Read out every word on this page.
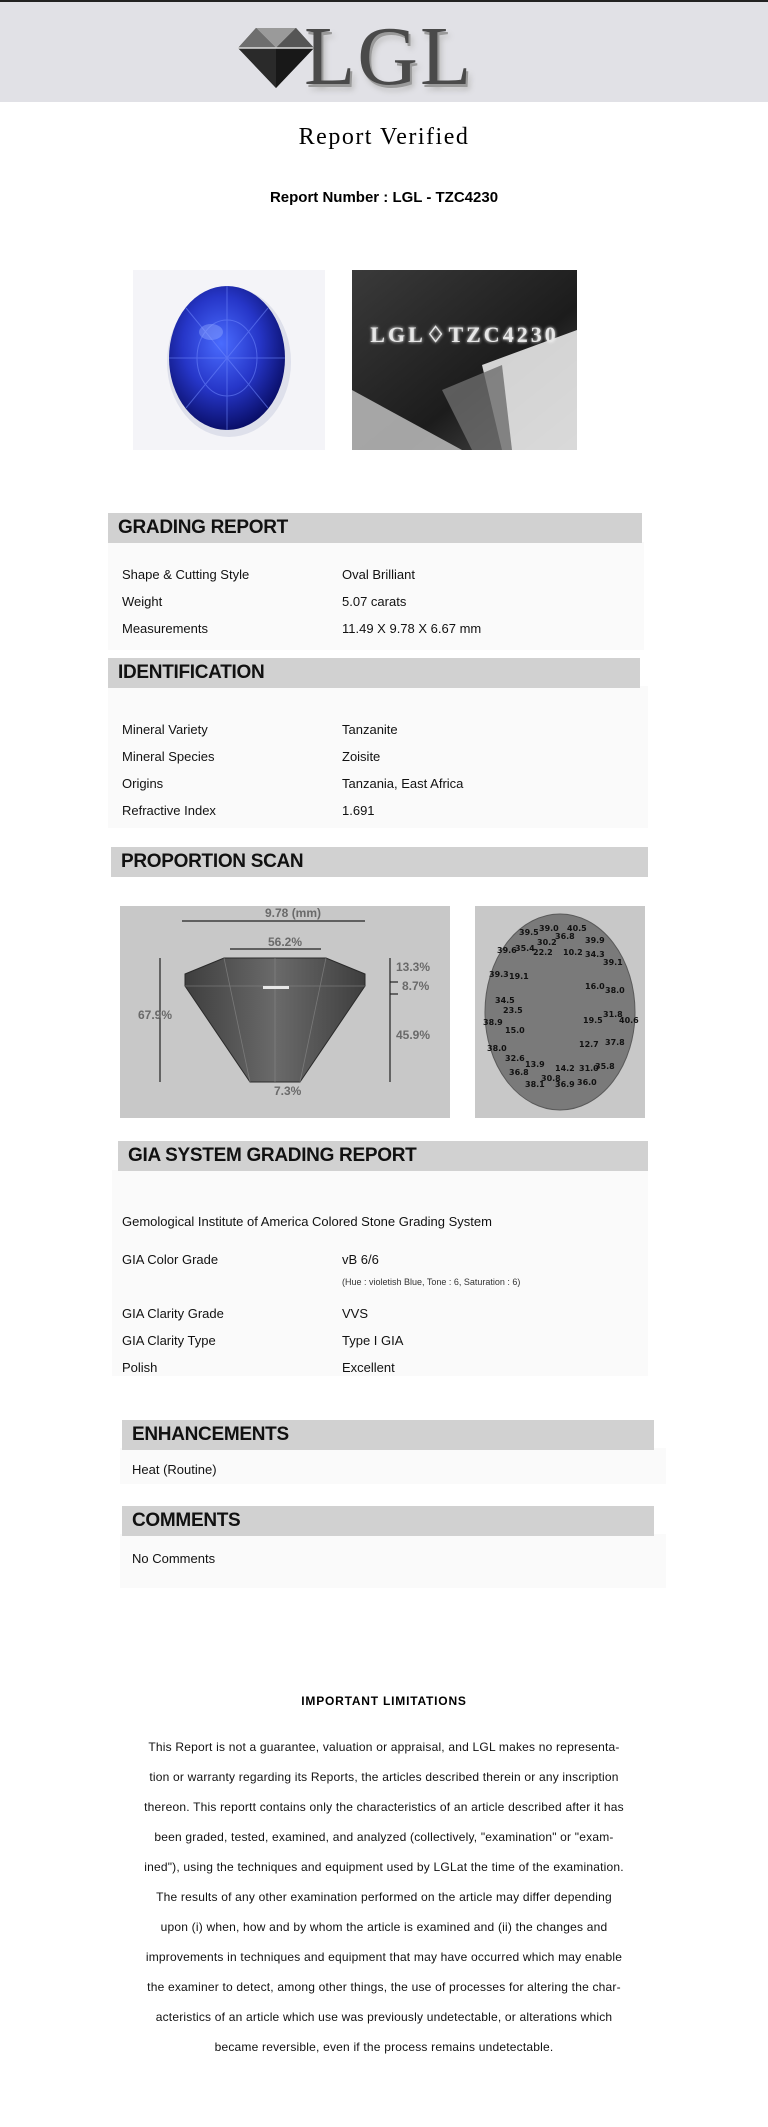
LGL
Report Verified
Report Number : LGL - TZC4230
LGL♢TZC4230
GRADING REPORT
Shape & Cutting Style	Oval Brilliant
Weight	5.07 carats
Measurements	11.49 X 9.78 X 6.67 mm
IDENTIFICATION
Mineral Variety	Tanzanite
Mineral Species	Zoisite
Origins	Tanzania, East Africa
Refractive Index	1.691
PROPORTION SCAN
9.78 (mm)
56.2%
67.9%
13.3%
8.7%
45.9%
7.3%
39.5 39.0 40.5
36.8 39.9
39.6
35.4
22.2
30.2
10.2 34.3
39.1
39.3 19.1
16.0 38.0
34.5
23.5	31.8
19.5 40.6
38.9
15.0
12.7 37.8
38.0
32.6
13.9 14.2 31.0
35.8
36.8
30.8
38.1 36.9 36.0
GIA SYSTEM GRADING REPORT
Gemological Institute of America Colored Stone Grading System
GIA Color Grade	vB 6/6
(Hue : violetish Blue, Tone : 6, Saturation : 6)
GIA Clarity Grade	VVS
GIA Clarity Type	Type I GIA
Polish	Excellent
ENHANCEMENTS
Heat (Routine)
COMMENTS
No Comments
IMPORTANT LIMITATIONS
This Report is not a guarantee, valuation or appraisal, and LGL makes no representa-
tion or warranty regarding its Reports, the articles described therein or any inscription
thereon. This reportt contains only the characteristics of an article described after it has
been graded, tested, examined, and analyzed (collectively, "examination" or "exam-
ined"), using the techniques and equipment used by LGLat the time of the examination.
The results of any other examination performed on the article may differ depending
upon (i) when, how and by whom the article is examined and (ii) the changes and
improvements in techniques and equipment that may have occurred which may enable
the examiner to detect, among other things, the use of processes for altering the char-
acteristics of an article which use was previously undetectable, or alterations which
became reversible, even if the process remains undetectable.
